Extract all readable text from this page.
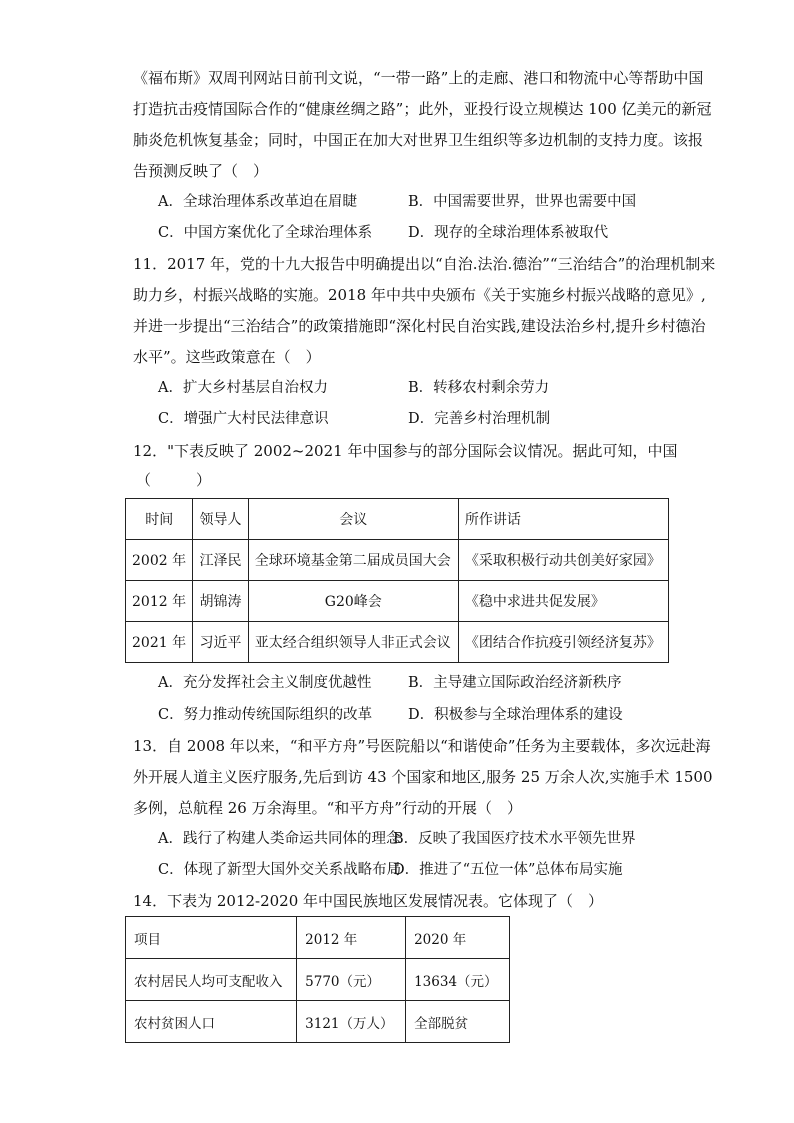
《福布斯》双周刊网站日前刊文说，“一带一路”上的走廊、港口和物流中心等帮助中国
打造抗击疫情国际合作的“健康丝绸之路”；此外，亚投行设立规模达 100 亿美元的新冠
肺炎危机恢复基金；同时，中国正在加大对世界卫生组织等多边机制的支持力度。该报
告预测反映了（　）
A．全球治理体系改革迫在眉睫	B．中国需要世界，世界也需要中国
C．中国方案优化了全球治理体系 D．现存的全球治理体系被取代
11．2017 年，党的十九大报告中明确提出以“自治.法治.德治”“三治结合”的治理机制来
助力乡，村振兴战略的实施。2018 年中共中央颁布《关于实施乡村振兴战略的意见》,
并进一步提出“三治结合”的政策措施即“深化村民自治实践,建设法治乡村,提升乡村德治
水平”。这些政策意在（　）
A．扩大乡村基层自治权力	B．转移农村剩余劳力
C．增强广大村民法律意识	D．完善乡村治理机制
12．"下表反映了 2002~2021 年中国参与的部分国际会议情况。据此可知，中国
（　　　）
时间	领导人	会议	所作讲话
2002 年	江泽民	全球环境基金第二届成员国大会	《采取积极行动共创美好家园》
2012 年	胡锦涛	G20峰会	《稳中求进共促发展》
2021 年	习近平	亚太经合组织领导人非正式会议	《团结合作抗疫引领经济复苏》
A．充分发挥社会主义制度优越性	B．主导建立国际政治经济新秩序
C．努力推动传统国际组织的改革 D．积极参与全球治理体系的建设
13．自 2008 年以来，“和平方舟”号医院船以“和谐使命”任务为主要载体，多次远赴海
外开展人道主义医疗服务,先后到访 43 个国家和地区,服务 25 万余人次,实施手术 1500
多例，总航程 26 万余海里。“和平方舟”行动的开展（　）
A．践行了构建人类命运共同体的理念
B．反映了我国医疗技术水平领先世界
C．体现了新型大国外交关系战略布局
D．推进了“五位一体”总体布局实施
14．下表为 2012-2020 年中国民族地区发展情况表。它体现了（　）
项目	2012 年	2020 年
农村居民人均可支配收入	5770（元）	13634（元）
农村贫困人口	3121（万人）	全部脱贫
